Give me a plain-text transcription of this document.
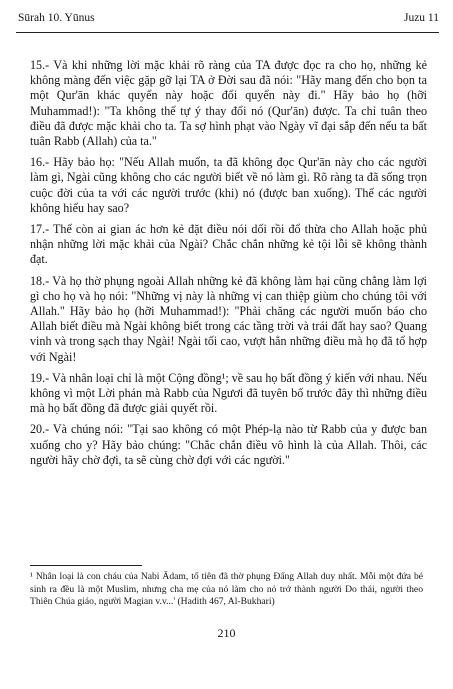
Sūrah 10. Yūnus	Juzu 11

15.- Và khi những lời mặc khải rõ ràng của TA được đọc ra cho họ, những kẻ không màng đến việc gặp gỡ lại TA ở Đời sau đã nói: "Hãy mang đến cho bọn ta một Qur'ān khác quyển này hoặc đổi quyển này đi." Hãy bảo họ (hỡi Muhammad!): "Ta không thể tự ý thay đổi nó (Qur'ān) được. Ta chỉ tuân theo điều đã được mặc khải cho ta. Ta sợ hình phạt vào Ngày vĩ đại sắp đến nếu ta bất tuân Rabb (Allah) của ta."

16.- Hãy bảo họ: "Nếu Allah muốn, ta đã không đọc Qur'ān này cho các người làm gì, Ngài cũng không cho các người biết về nó làm gì. Rõ ràng ta đã sống trọn cuộc đời của ta với các người trước (khi) nó (được ban xuống). Thế các người không hiểu hay sao?

17.- Thế còn ai gian ác hơn kẻ đặt điều nói dối rồi đổ thừa cho Allah hoặc phủ nhận những lời mặc khải của Ngài? Chắc chắn những kẻ tội lỗi sẽ không thành đạt.

18.- Và họ thờ phụng ngoài Allah những kẻ đã không làm hại cũng chẳng làm lợi gì cho họ và họ nói: "Những vị này là những vị can thiệp giùm cho chúng tôi với Allah." Hãy bảo họ (hỡi Muhammad!): "Phải chăng các người muốn báo cho Allah biết điều mà Ngài không biết trong các tầng trời và trái đất hay sao? Quang vinh và trong sạch thay Ngài! Ngài tối cao, vượt hẳn những điều mà họ đã tổ hợp với Ngài!

19.- Và nhân loại chỉ là một Cộng đồng¹; về sau họ bất đồng ý kiến với nhau. Nếu không vì một Lời phán mà Rabb của Ngươi đã tuyên bố trước đây thì những điều mà họ bất đồng đã được giải quyết rồi.

20.- Và chúng nói: "Tại sao không có một Phép-lạ nào từ Rabb của y được ban xuống cho y? Hãy bảo chúng: "Chắc chắn điều vô hình là của Allah. Thôi, các người hãy chờ đợi, ta sẽ cùng chờ đợi với các người."

¹ Nhân loại là con cháu của Nabi Ādam, tổ tiên đã thờ phụng Đấng Allah duy nhất. Mỗi một đứa bé sinh ra đều là một Muslim, nhưng cha mẹ của nó làm cho nó trở thành người Do thái, người theo Thiên Chúa giáo, người Magian v.v...' (Hadith 467, Al-Bukhari)

210
